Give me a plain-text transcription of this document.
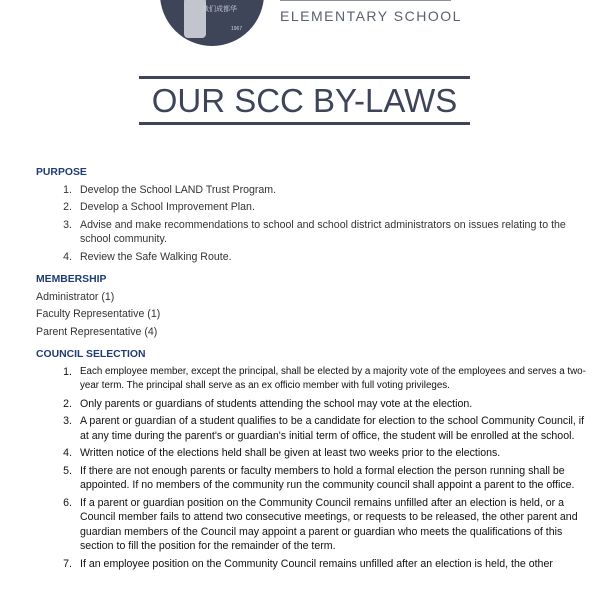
我们成都华
1967
ELEMENTARY SCHOOL
OUR SCC BY-LAWS
PURPOSE
1. Develop the School LAND Trust Program.
2. Develop a School Improvement Plan.
3. Advise and make recommendations to school and school district administrators on issues relating to the school community.
4. Review the Safe Walking Route.
MEMBERSHIP
Administrator (1)
Faculty Representative (1)
Parent Representative (4)
COUNCIL SELECTION
1. Each employee member, except the principal, shall be elected by a majority vote of the employees and serves a two-year term. The principal shall serve as an ex officio member with full voting privileges.
2. Only parents or guardians of students attending the school may vote at the election.
3. A parent or guardian of a student qualifies to be a candidate for election to the school Community Council, if at any time during the parent's or guardian's initial term of office, the student will be enrolled at the school.
4. Written notice of the elections held shall be given at least two weeks prior to the elections.
5. If there are not enough parents or faculty members to hold a formal election the person running shall be appointed. If no members of the community run the community council shall appoint a parent to the office.
6. If a parent or guardian position on the Community Council remains unfilled after an election is held, or a Council member fails to attend two consecutive meetings, or requests to be released, the other parent and guardian members of the Council may appoint a parent or guardian who meets the qualifications of this section to fill the position for the remainder of the term.
7. If an employee position on the Community Council remains unfilled after an election is held, the other
